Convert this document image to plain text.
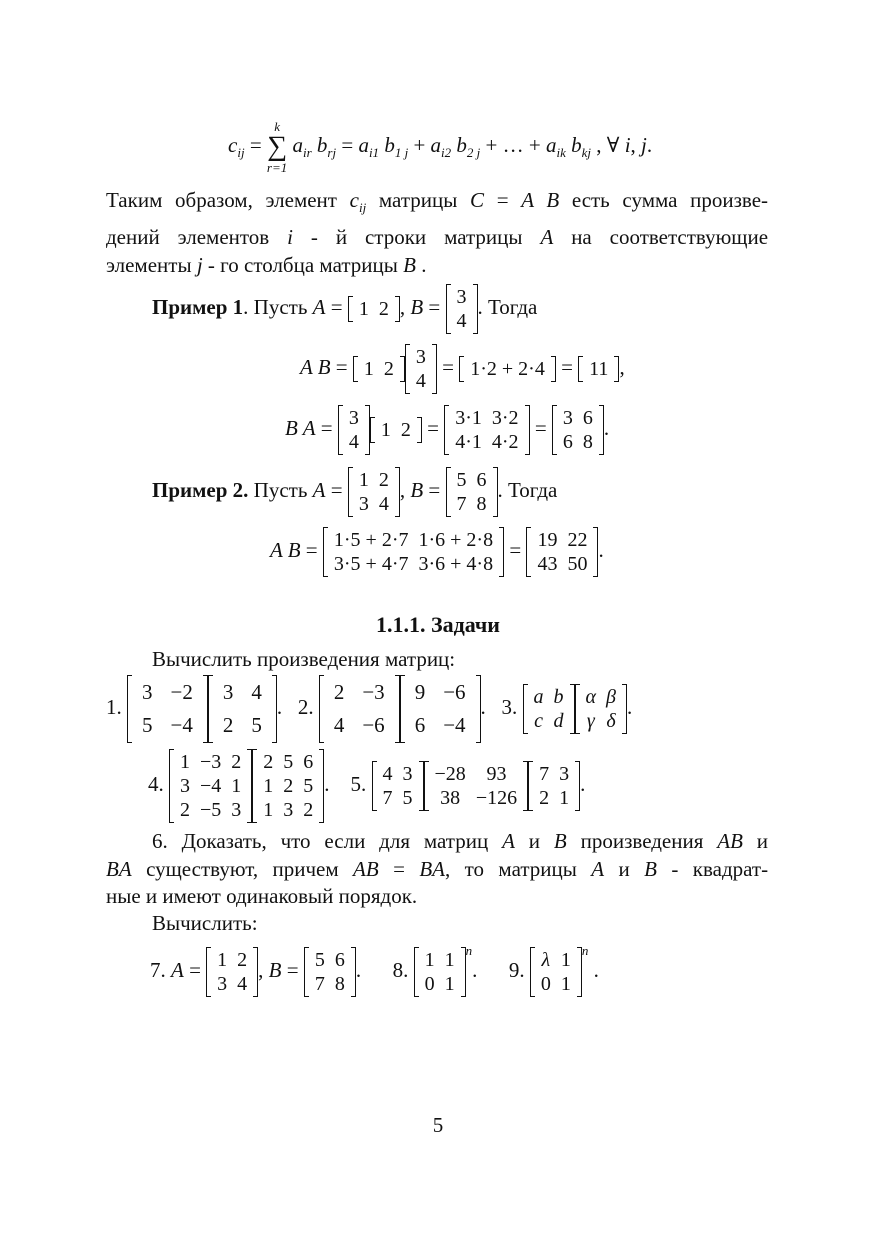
$c_{ij}$ =
k
∑
r=1
$a_{ir}$ $b_{rj} = a_{i1}$ $b_{1 j} + a_{i2}$ $b_{2 j}$ + … + $a_{ik}$ $b_{kj}$ , ∀ i, j.
Таким образом, элемент $c_{ij}$ матрицы C = A B есть сумма произве-
дений элементов i - й строки матрицы A на соответствующие
элементы j - го столбца матрицы B .
Пример 1. Пусть A = 1	2 , B = 3
4
. Тогда
A B = 1	2
3
4
= 1·2 + 2·4 = 11 ,
B A = 3
4
1	2 = 3·1	3·2
4·1	4·2
= 3	6
6	8
.
Пример 2. Пусть A = 1	2
3	4
, B = 5	6
7	8
. Тогда
A B = 1·5 + 2·7	1·6 + 2·8
3·5 + 4·7	3·6 + 4·8
= 19	22
43	50
.
1.1.1. Задачи
Вычислить произведения матриц:
1.
3	−2
5	−4
3	4
2	5
.   2.
2	−3
4	−6
9	−6
6	−4
.   3. a	b
c	d
α	β
γ	δ
.
4.
1	−3	2
3	−4	1
2	−5	3
2	5	6
1	2	5
1	3	2
.    5. 4	3
7	5
−28	93
38	−126
7	3
2	1
.
6. Доказать, что если для матриц A и B произведения AB и
BA существуют, причем AB = BA, то матрицы A и B - квадрат-
ные и имеют одинаковый порядок.
Вычислить:
7. A = 1	2
3	4
, B = 5	6
7	8
.      8. 1	1
0	1
$^n$.      9. λ	1
0	1
$^n$ .
5
